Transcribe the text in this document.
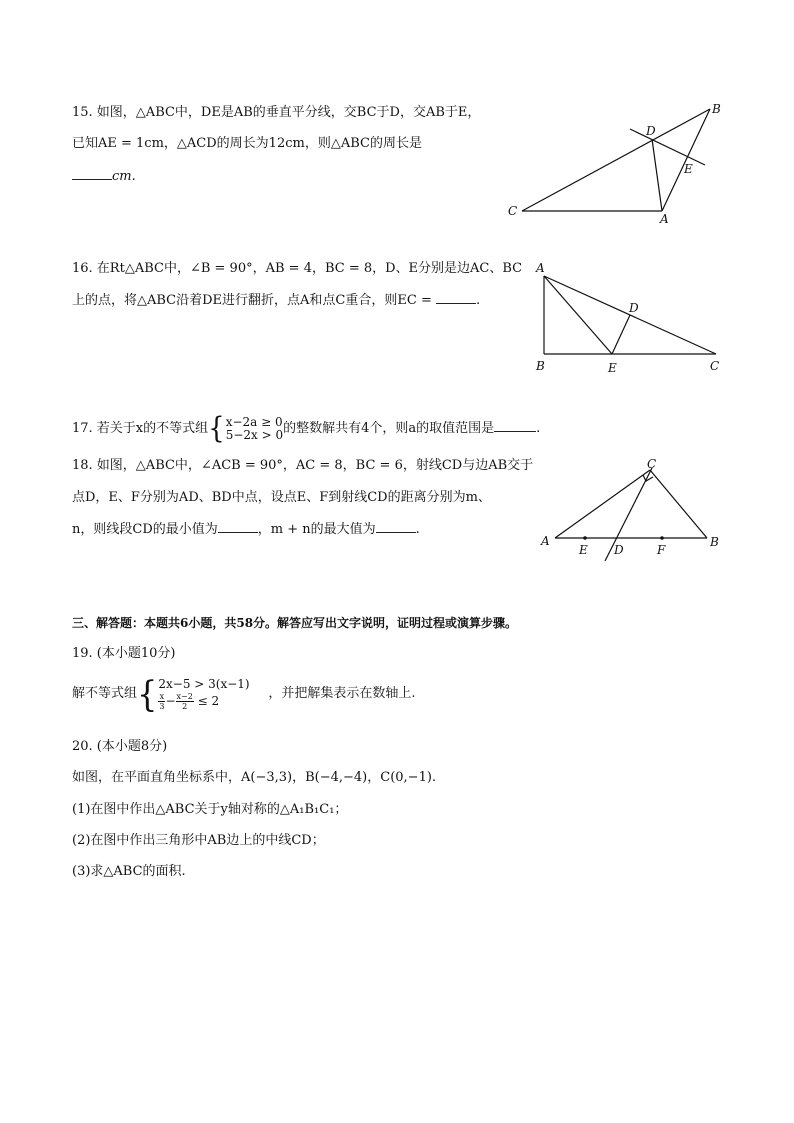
15. 如图，△ABC中，DE是AB的垂直平分线，交BC于D，交AB于E，
已知AE = 1cm，△ACD的周长为12cm，则△ABC的周长是
cm.
B
C
A
D
E
16. 在Rt△ABC中，∠B = 90°，AB = 4，BC = 8，D、E分别是边AC、BC
上的点，将△ABC沿着DE进行翻折，点A和点C重合，则EC =	.
A
B	E	C
D
17. 若关于x的不等式组{ x−2a ≥ 0
5−2x > 0 的整数解共有4个，则a的取值范围是	.
18. 如图，△ABC中，∠ACB = 90°，AC = 8，BC = 6，射线CD与边AB交于
点D，E、F分别为AD、BD中点，设点E、F到射线CD的距离分别为m、
n，则线段CD的最小值为	，m + n的最大值为	.
C
A	B
E D	F
三、解答题：本题共6小题，共58分。解答应写出文字说明，证明过程或演算步骤。
19. (本小题10分)
解不等式组{ 2x−5 > 3(x−1)
$\frac{x}{3} - \frac{x-2}{2} \le 2$	，并把解集表示在数轴上.
20. (本小题8分)
如图，在平面直角坐标系中，A(−3,3)，B(−4,−4)，C(0,−1).
(1)在图中作出△ABC关于y轴对称的△A₁B₁C₁；
(2)在图中作出三角形中AB边上的中线CD；
(3)求△ABC的面积.
